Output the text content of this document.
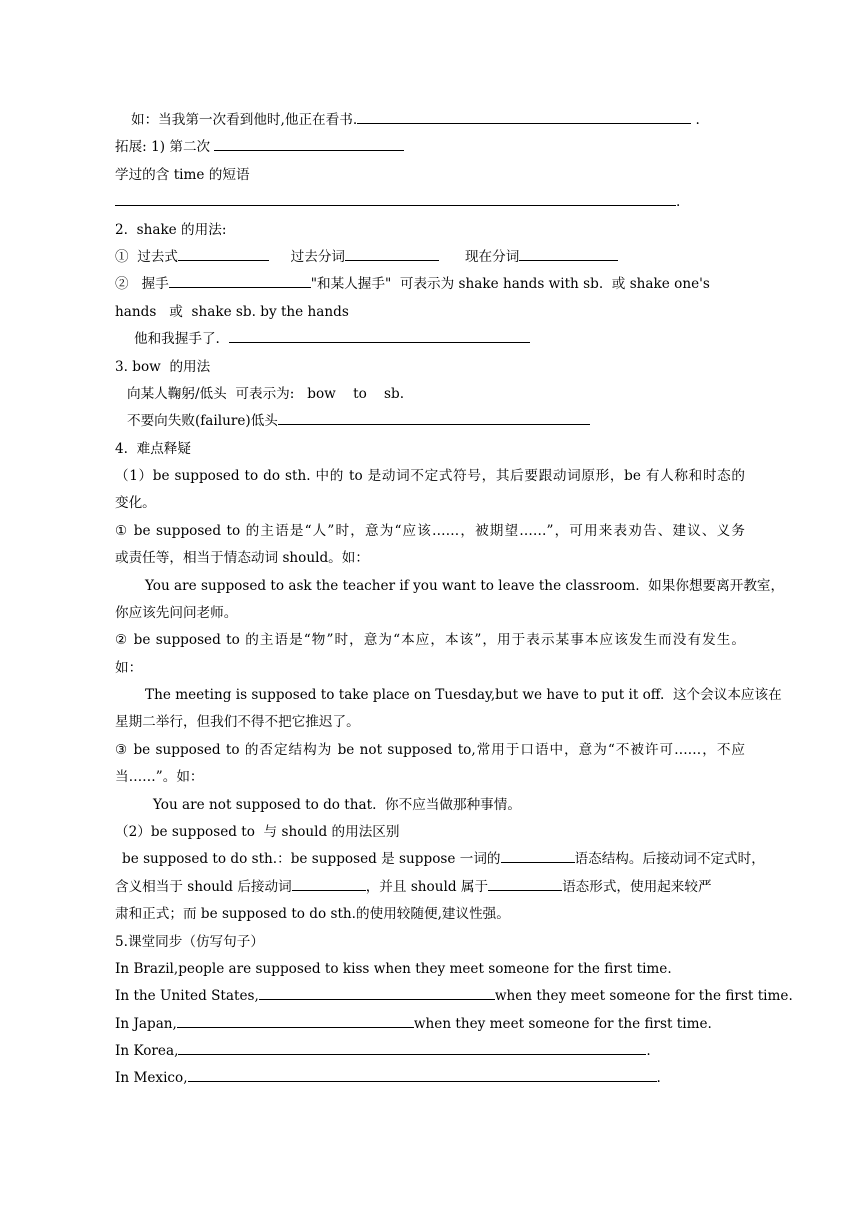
如：当我第一次看到他时,他正在看书.	.
拓展: 1) 第二次
学过的含 time 的短语
.
2.  shake 的用法:
①  过去式	过去分词	现在分词
②   握手	"和某人握手"  可表示为 shake hands with sb.  或 shake one's
hands   或  shake sb. by the hands
他和我握手了.
3. bow  的用法
向某人鞠躬/低头  可表示为:   bow    to    sb.
不要向失败(failure)低头
4.  难点释疑
（1）be supposed to do sth. 中的 to 是动词不定式符号，其后要跟动词原形，be 有人称和时态的
变化。
① be supposed to 的主语是“人”时，意为“应该……，被期望……”，可用来表劝告、建议、义务
或责任等，相当于情态动词 should。如：
You are supposed to ask the teacher if you want to leave the classroom.  如果你想要离开教室，
你应该先问问老师。
② be supposed to 的主语是“物”时，意为“本应，本该”，用于表示某事本应该发生而没有发生。
如：
The meeting is supposed to take place on Tuesday,but we have to put it off.  这个会议本应该在
星期二举行，但我们不得不把它推迟了。
③ be supposed to 的否定结构为 be not supposed to,常用于口语中，意为“不被许可……，不应
当……”。如：
You are not supposed to do that.  你不应当做那种事情。
（2）be supposed to  与 should 的用法区别
be supposed to do sth.：be supposed 是 suppose 一词的	语态结构。后接动词不定式时，
含义相当于 should 后接动词	，并且 should 属于	语态形式，使用起来较严
肃和正式；而 be supposed to do sth.的使用较随便,建议性强。
5.课堂同步（仿写句子）
In Brazil,people are supposed to kiss when they meet someone for the first time.
In the United States,	when they meet someone for the first time.
In Japan,	when they meet someone for the first time.
In Korea,	.
In Mexico,	.
